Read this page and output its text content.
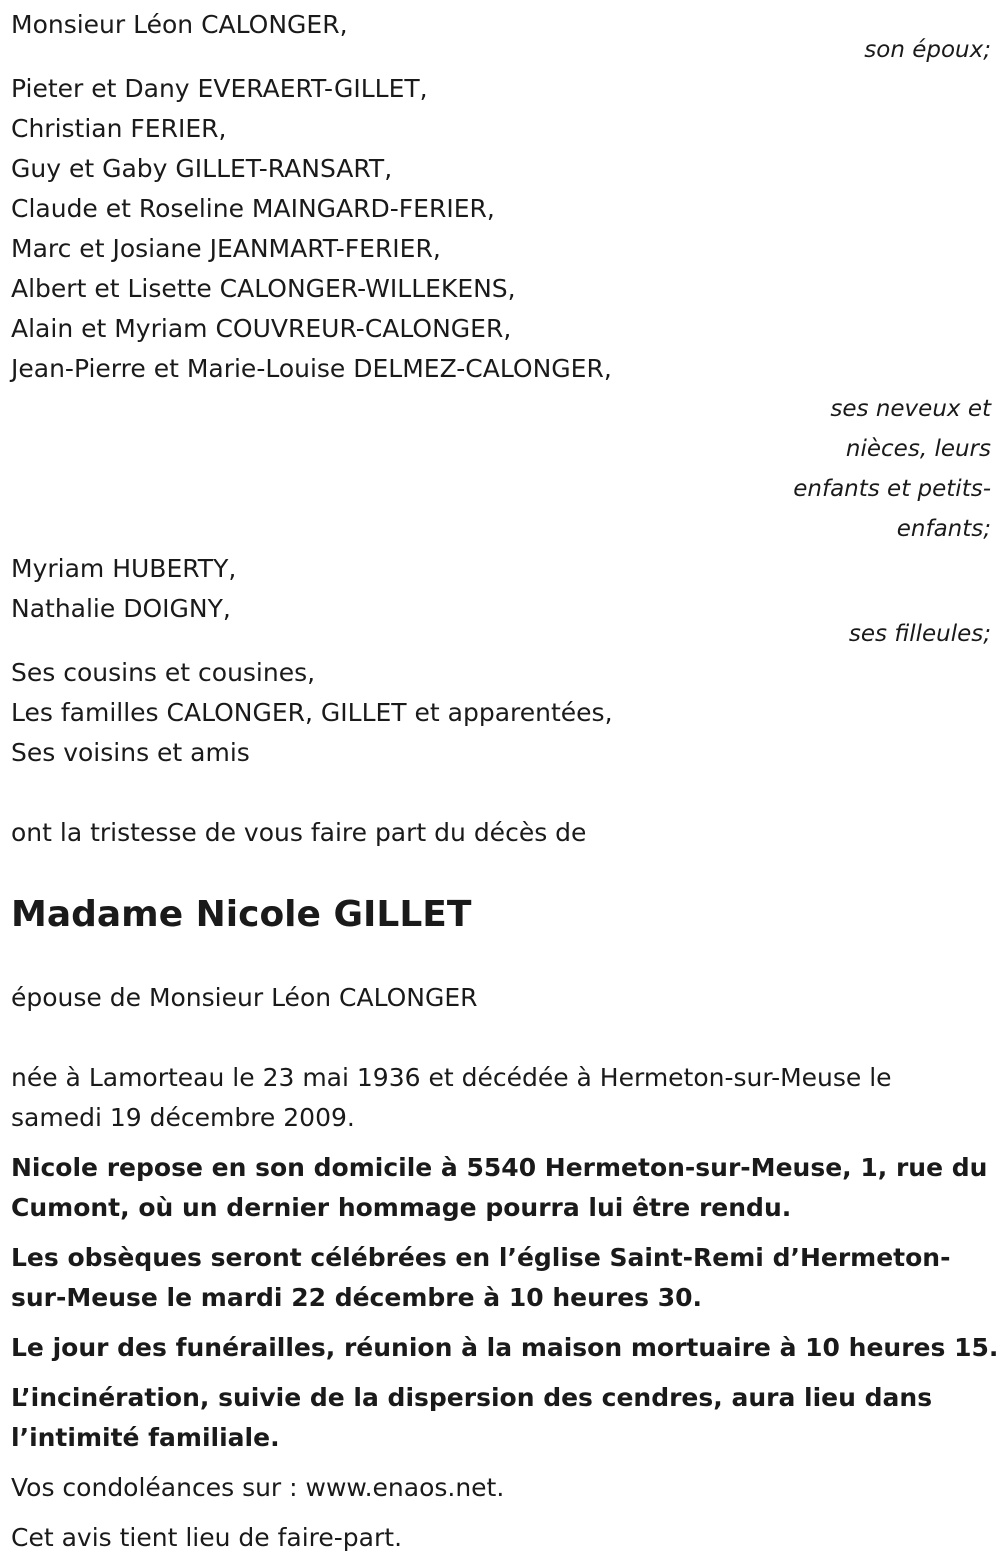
Monsieur Léon CALONGER,
son époux;
Pieter et Dany EVERAERT-GILLET,
Christian FERIER,
Guy et Gaby GILLET-RANSART,
Claude et Roseline MAINGARD-FERIER,
Marc et Josiane JEANMART-FERIER,
Albert et Lisette CALONGER-WILLEKENS,
Alain et Myriam COUVREUR-CALONGER,
Jean-Pierre et Marie-Louise DELMEZ-CALONGER,
ses neveux et
nièces, leurs
enfants et petits-
enfants;
Myriam HUBERTY,
Nathalie DOIGNY,
ses filleules;
Ses cousins et cousines,
Les familles CALONGER, GILLET et apparentées,
Ses voisins et amis
ont la tristesse de vous faire part du décès de
Madame Nicole GILLET
épouse de Monsieur Léon CALONGER
née à Lamorteau le 23 mai 1936 et décédée à Hermeton-sur-Meuse le
samedi 19 décembre 2009.
Nicole repose en son domicile à 5540 Hermeton-sur-Meuse, 1, rue du
Cumont, où un dernier hommage pourra lui être rendu.
Les obsèques seront célébrées en l’église Saint-Remi d’Hermeton-
sur-Meuse le mardi 22 décembre à 10 heures 30.
Le jour des funérailles, réunion à la maison mortuaire à 10 heures 15.
L’incinération, suivie de la dispersion des cendres, aura lieu dans
l’intimité familiale.
Vos condoléances sur : www.enaos.net.
Cet avis tient lieu de faire-part.
